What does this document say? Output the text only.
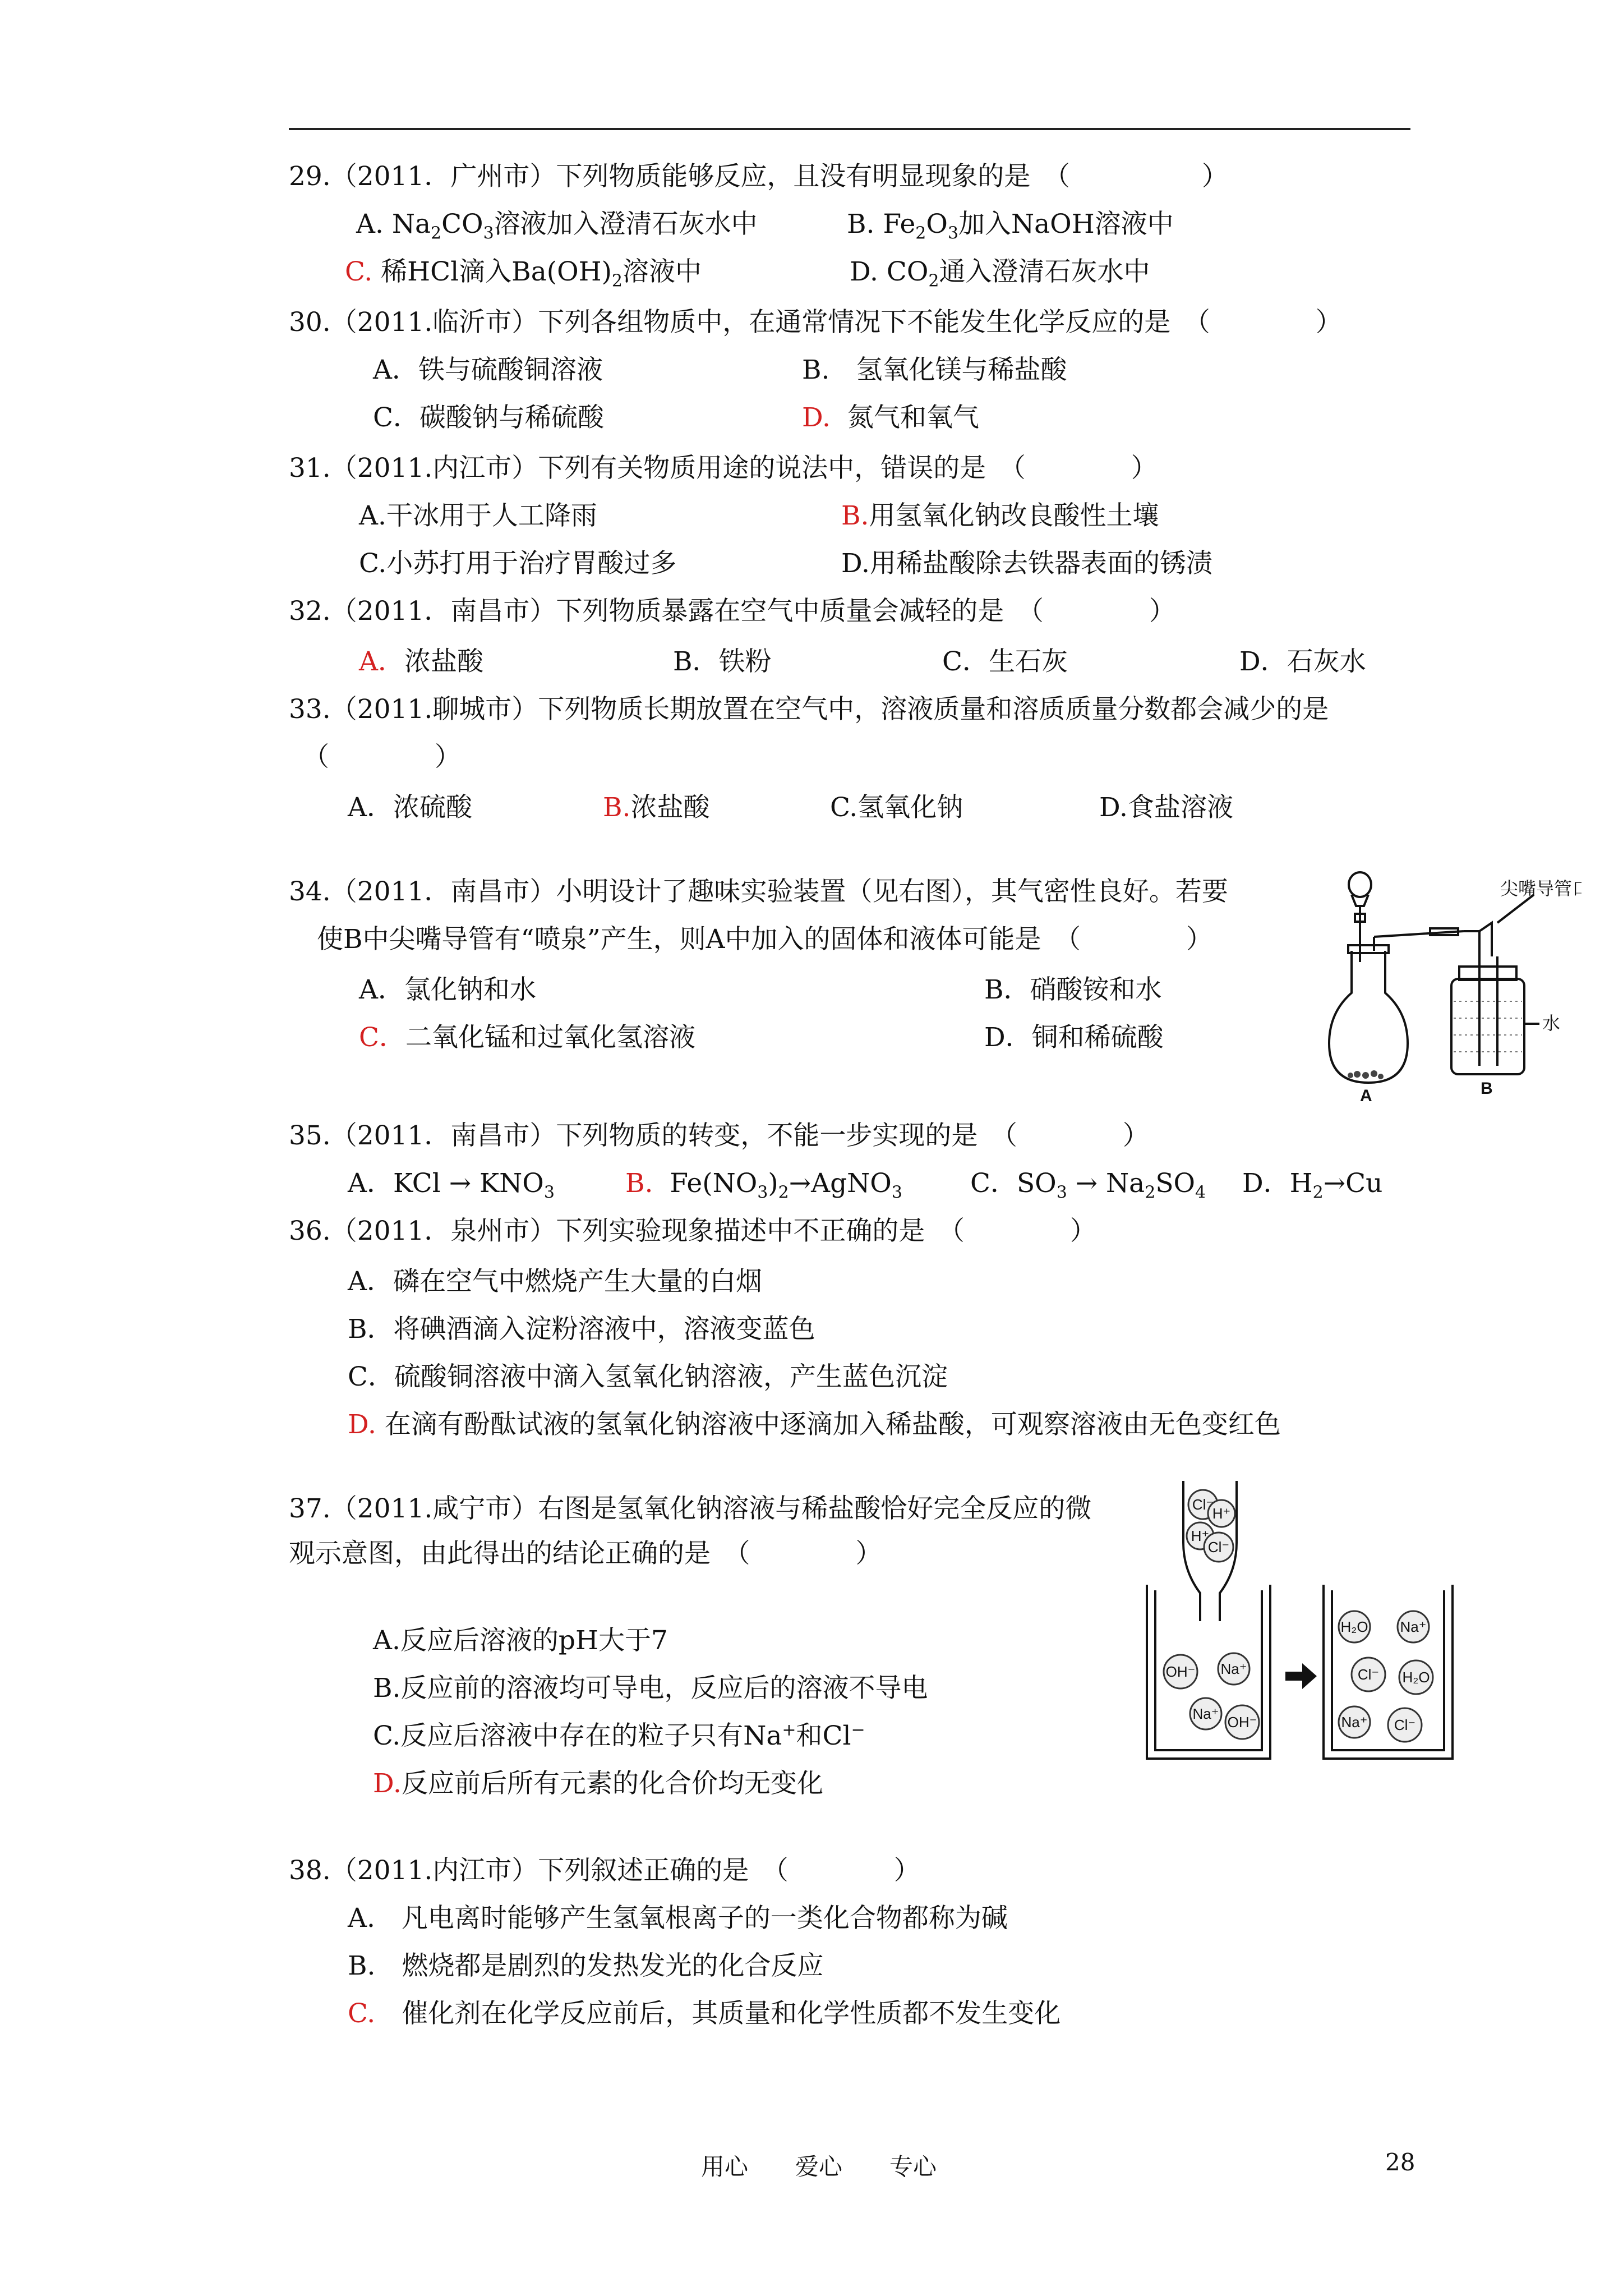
29.（2011．广州市）下列物质能够反应，且没有明显现象的是　（　　　　　）
A. $Na_2CO_3$溶液加入澄清石灰水中	B. $Fe_2O_3$加入NaOH溶液中
C. 稀HCl滴入$Ba(OH)_2$溶液中	D. $CO_2$通入澄清石灰水中
30.（2011.临沂市）下列各组物质中，在通常情况下不能发生化学反应的是　（　　　　）
A．铁与硫酸铜溶液	B.　氢氧化镁与稀盐酸
C．碳酸钠与稀硫酸	D. 氮气和氧气
31.（2011.内江市）下列有关物质用途的说法中，错误的是　（　　　　）
A.干冰用于人工降雨	B.用氢氧化钠改良酸性土壤
C.小苏打用于治疗胃酸过多	D.用稀盐酸除去铁器表面的锈渍
32.（2011．南昌市）下列物质暴露在空气中质量会减轻的是　（　　　　）
A．浓盐酸	B．铁粉	C．生石灰	D．石灰水
33.（2011.聊城市）下列物质长期放置在空气中，溶液质量和溶质质量分数都会减少的是
（　　　　）
A．浓硫酸	B.浓盐酸	C.氢氧化钠	D.食盐溶液
34.（2011．南昌市）小明设计了趣味实验装置（见右图），其气密性良好。若要
使B中尖嘴导管有“喷泉”产生，则A中加入的固体和液体可能是　（　　　　）
A．氯化钠和水	B．硝酸铵和水
C．二氧化锰和过氧化氢溶液	D．铜和稀硫酸
尖嘴导管口
水
A	B
35.（2011．南昌市）下列物质的转变，不能一步实现的是　（　　　　）
A．KCl → $KNO_3$	B. $Fe(NO_3)_2\to AgNO_3$	C．$SO_3 \to Na_2SO_4$ D．$H_2\to Cu$
36.（2011．泉州市）下列实验现象描述中不正确的是　（　　　　）
A．磷在空气中燃烧产生大量的白烟
B．将碘酒滴入淀粉溶液中，溶液变蓝色
C．硫酸铜溶液中滴入氢氧化钠溶液，产生蓝色沉淀
D. 在滴有酚酞试液的氢氧化钠溶液中逐滴加入稀盐酸，可观察溶液由无色变红色
37.（2011.咸宁市）右图是氢氧化钠溶液与稀盐酸恰好完全反应的微
观示意图，由此得出的结论正确的是　（　　　　）
A.反应后溶液的pH大于7
B.反应前的溶液均可导电，反应后的溶液不导电
C.反应后溶液中存在的粒子只有Na+和Cl−
D.反应前后所有元素的化合价均无变化
Cl⁻
H⁺
H⁺
Cl⁻
OH⁻ Na⁺
Na⁺ OH⁻
H₂O Na⁺
Cl⁻ H₂O
Na⁺ Cl⁻
38.（2011.内江市）下列叙述正确的是　（　　　　）
A.　凡电离时能够产生氢氧根离子的一类化合物都称为碱
B.　燃烧都是剧烈的发热发光的化合反应
C.　催化剂在化学反应前后，其质量和化学性质都不发生变化
用心　　爱心　　专心	28
